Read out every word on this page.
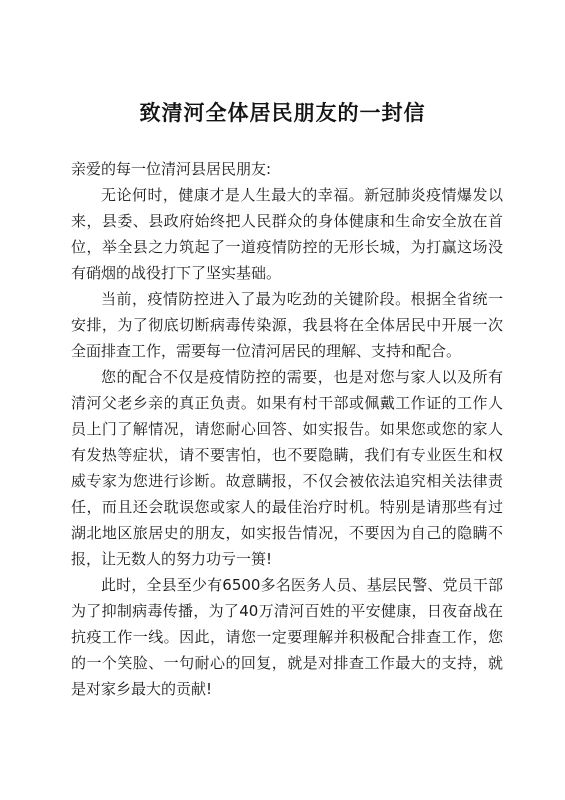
致清河全体居民朋友的一封信

亲爱的每一位清河县居民朋友:

无论何时，健康才是人生最大的幸福。新冠肺炎疫情爆发以来，县委、县政府始终把人民群众的身体健康和生命安全放在首位，举全县之力筑起了一道疫情防控的无形长城，为打赢这场没有硝烟的战役打下了坚实基础。

当前，疫情防控进入了最为吃劲的关键阶段。根据全省统一安排，为了彻底切断病毒传染源，我县将在全体居民中开展一次全面排查工作，需要每一位清河居民的理解、支持和配合。

您的配合不仅是疫情防控的需要，也是对您与家人以及所有清河父老乡亲的真正负责。如果有村干部或佩戴工作证的工作人员上门了解情况，请您耐心回答、如实报告。如果您或您的家人有发热等症状，请不要害怕，也不要隐瞒，我们有专业医生和权威专家为您进行诊断。故意瞒报，不仅会被依法追究相关法律责任，而且还会耽误您或家人的最佳治疗时机。特别是请那些有过湖北地区旅居史的朋友，如实报告情况，不要因为自己的隐瞒不报，让无数人的努力功亏一篑!

此时，全县至少有6500多名医务人员、基层民警、党员干部为了抑制病毒传播，为了40万清河百姓的平安健康，日夜奋战在抗疫工作一线。因此，请您一定要理解并积极配合排查工作，您的一个笑脸、一句耐心的回复，就是对排查工作最大的支持，就是对家乡最大的贡献!
